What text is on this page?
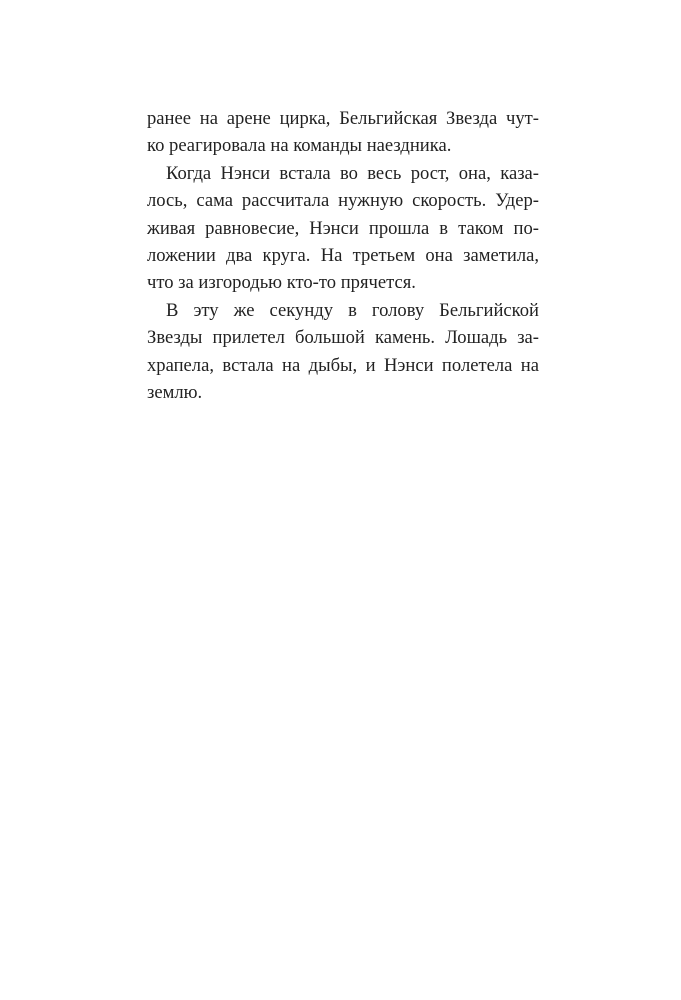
ранее на арене цирка, Бельгийская Звезда чут-
ко реагировала на команды наездника.
Когда Нэнси встала во весь рост, она, каза-
лось, сама рассчитала нужную скорость. Удер-
живая равновесие, Нэнси прошла в таком по-
ложении два круга. На третьем она заметила,
что за изгородью кто-то прячется.
В эту же секунду в голову Бельгийской
Звезды прилетел большой камень. Лошадь за-
храпела, встала на дыбы, и Нэнси полетела на
землю.
